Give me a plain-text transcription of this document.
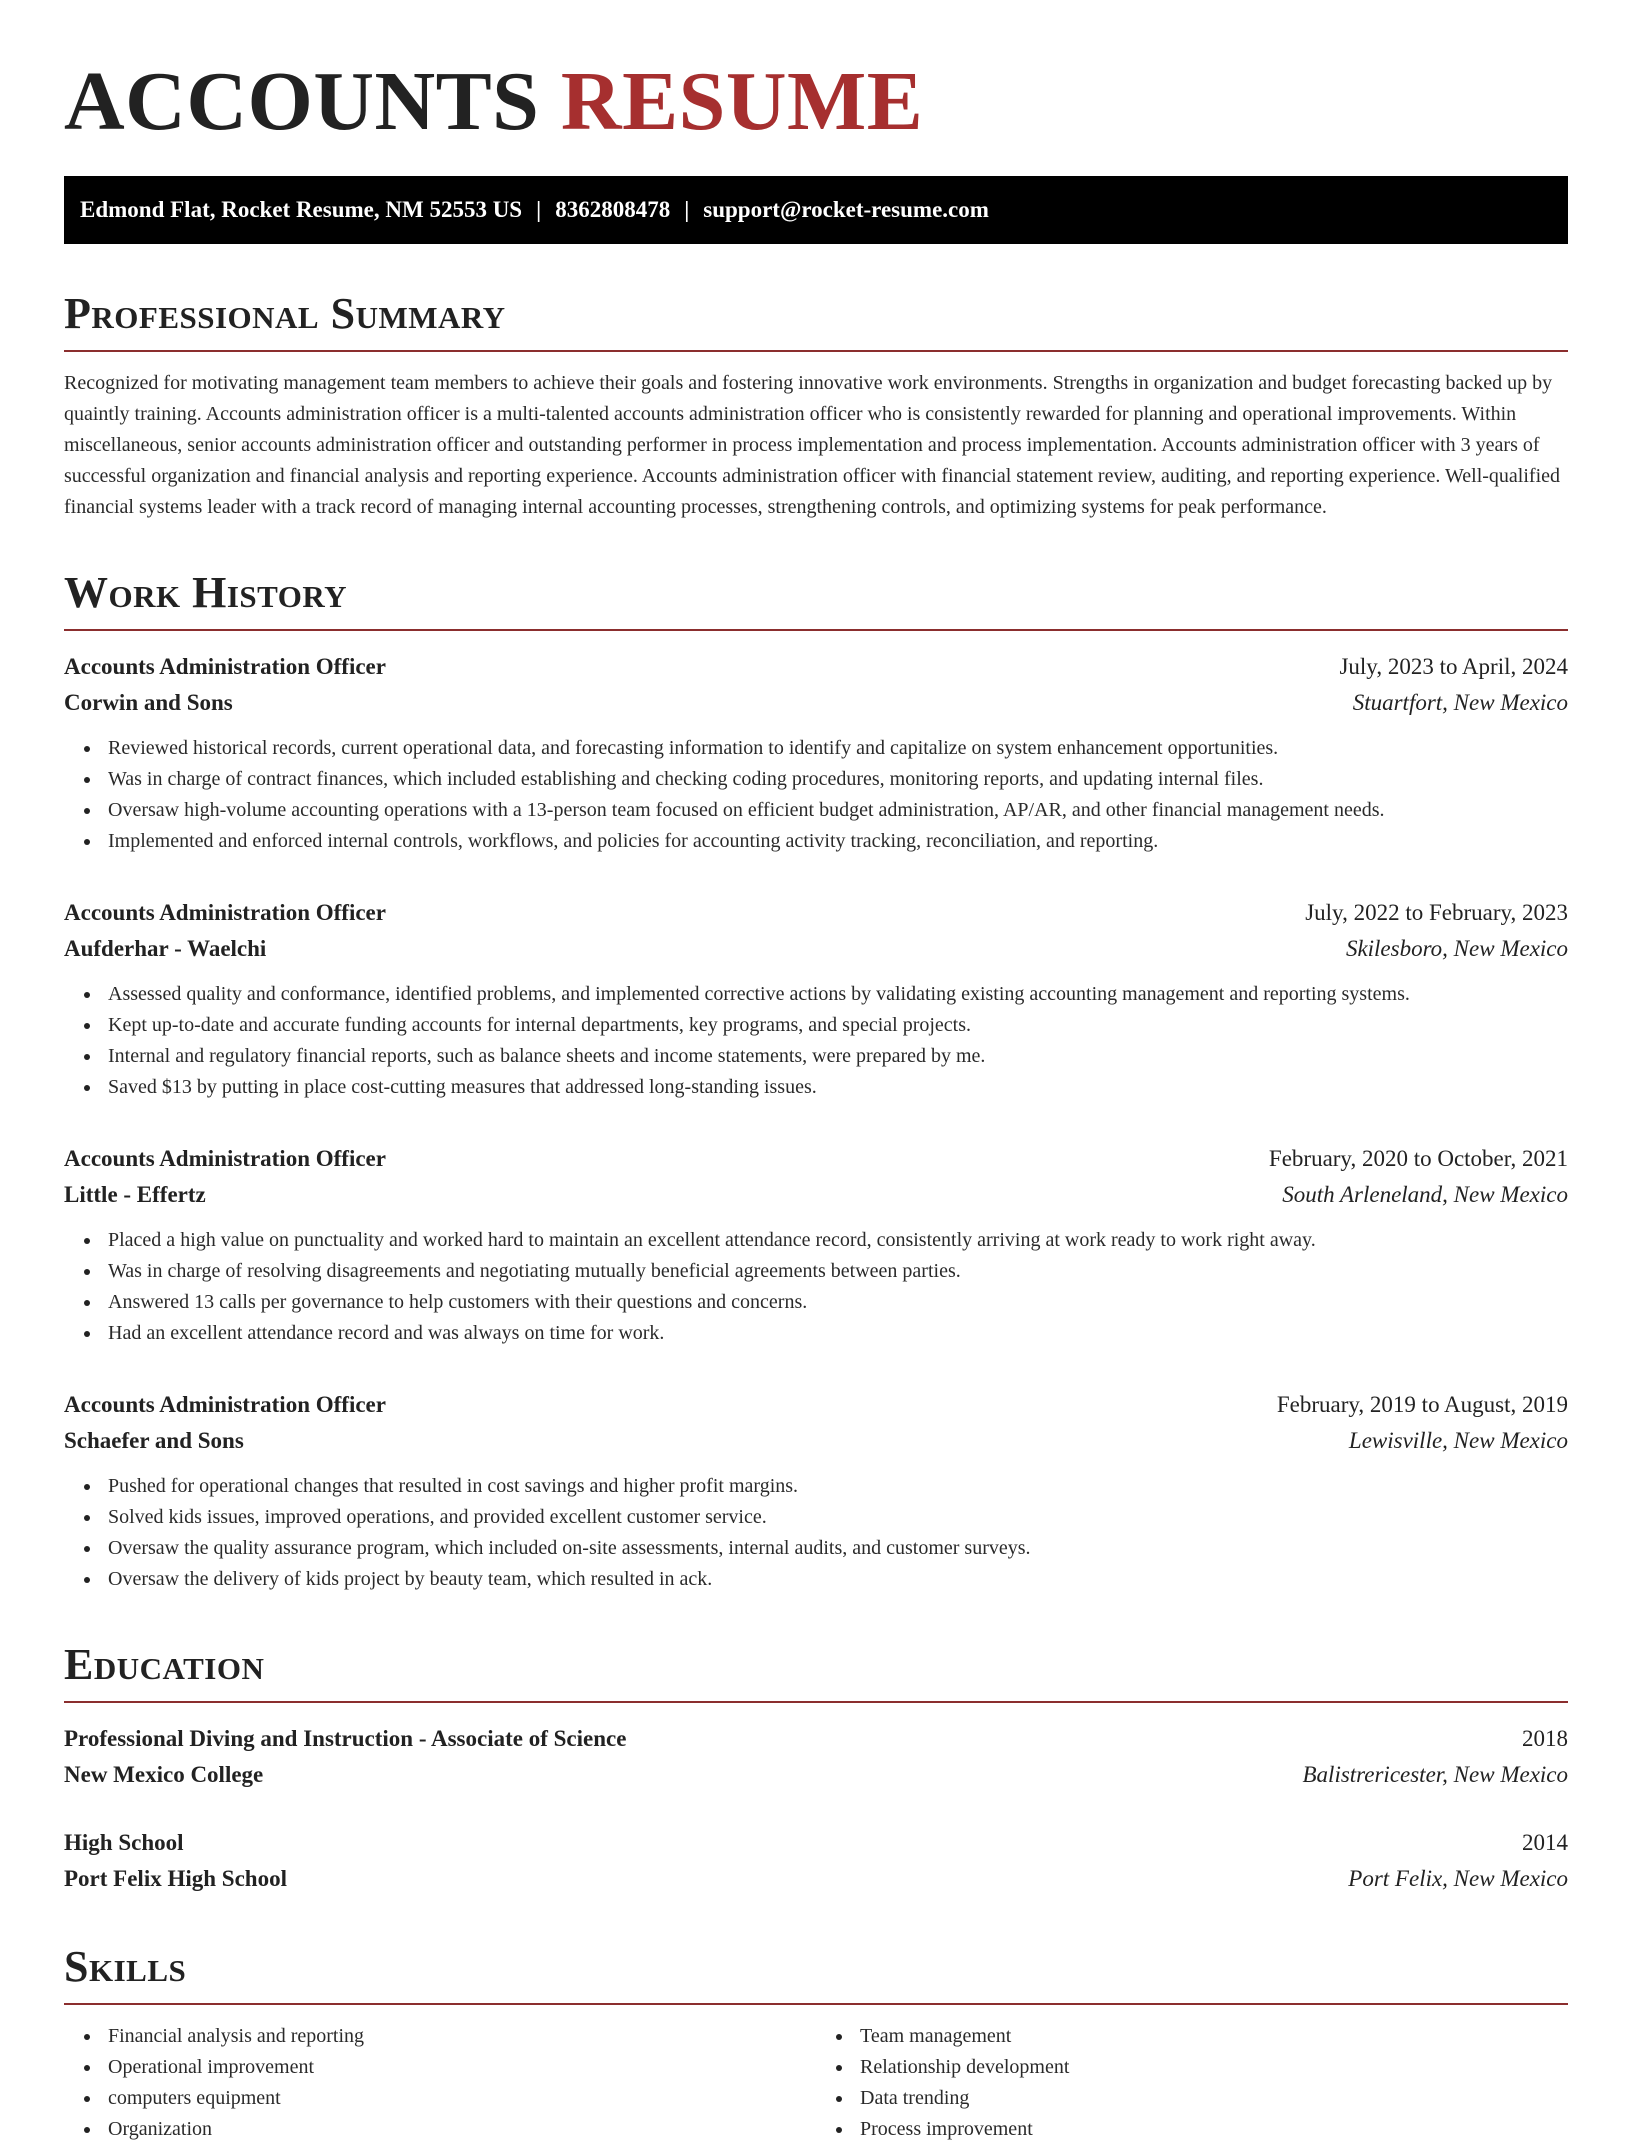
ACCOUNTS RESUME
Edmond Flat, Rocket Resume, NM 52553 US | 8362808478 | support@rocket-resume.com
Professional Summary

Recognized for motivating management team members to achieve their goals and fostering innovative work environments. Strengths in organization and budget forecasting backed up by quaintly training. Accounts administration officer is a multi-talented accounts administration officer who is consistently rewarded for planning and operational improvements. Within miscellaneous, senior accounts administration officer and outstanding performer in process implementation and process implementation. Accounts administration officer with 3 years of successful organization and financial analysis and reporting experience. Accounts administration officer with financial statement review, auditing, and reporting experience. Well-qualified financial systems leader with a track record of managing internal accounting processes, strengthening controls, and optimizing systems for peak performance.

Work History
Accounts Administration Officer	July, 2023 to April, 2024
Corwin and Sons	Stuartfort, New Mexico
Reviewed historical records, current operational data, and forecasting information to identify and capitalize on system enhancement opportunities.
Was in charge of contract finances, which included establishing and checking coding procedures, monitoring reports, and updating internal files.
Oversaw high-volume accounting operations with a 13-person team focused on efficient budget administration, AP/AR, and other financial management needs.
Implemented and enforced internal controls, workflows, and policies for accounting activity tracking, reconciliation, and reporting.
Accounts Administration Officer	July, 2022 to February, 2023
Aufderhar - Waelchi	Skilesboro, New Mexico
Assessed quality and conformance, identified problems, and implemented corrective actions by validating existing accounting management and reporting systems.
Kept up-to-date and accurate funding accounts for internal departments, key programs, and special projects.
Internal and regulatory financial reports, such as balance sheets and income statements, were prepared by me.
Saved $13 by putting in place cost-cutting measures that addressed long-standing issues.
Accounts Administration Officer	February, 2020 to October, 2021
Little - Effertz	South Arleneland, New Mexico
Placed a high value on punctuality and worked hard to maintain an excellent attendance record, consistently arriving at work ready to work right away.
Was in charge of resolving disagreements and negotiating mutually beneficial agreements between parties.
Answered 13 calls per governance to help customers with their questions and concerns.
Had an excellent attendance record and was always on time for work.
Accounts Administration Officer	February, 2019 to August, 2019
Schaefer and Sons	Lewisville, New Mexico
Pushed for operational changes that resulted in cost savings and higher profit margins.
Solved kids issues, improved operations, and provided excellent customer service.
Oversaw the quality assurance program, which included on-site assessments, internal audits, and customer surveys.
Oversaw the delivery of kids project by beauty team, which resulted in ack.
Education
Professional Diving and Instruction - Associate of Science	2018
New Mexico College	Balistrericester, New Mexico
High School	2014
Port Felix High School	Port Felix, New Mexico
Skills
Financial analysis and reporting
Operational improvement
computers equipment
Organization
Team management
Relationship development
Data trending
Process improvement
